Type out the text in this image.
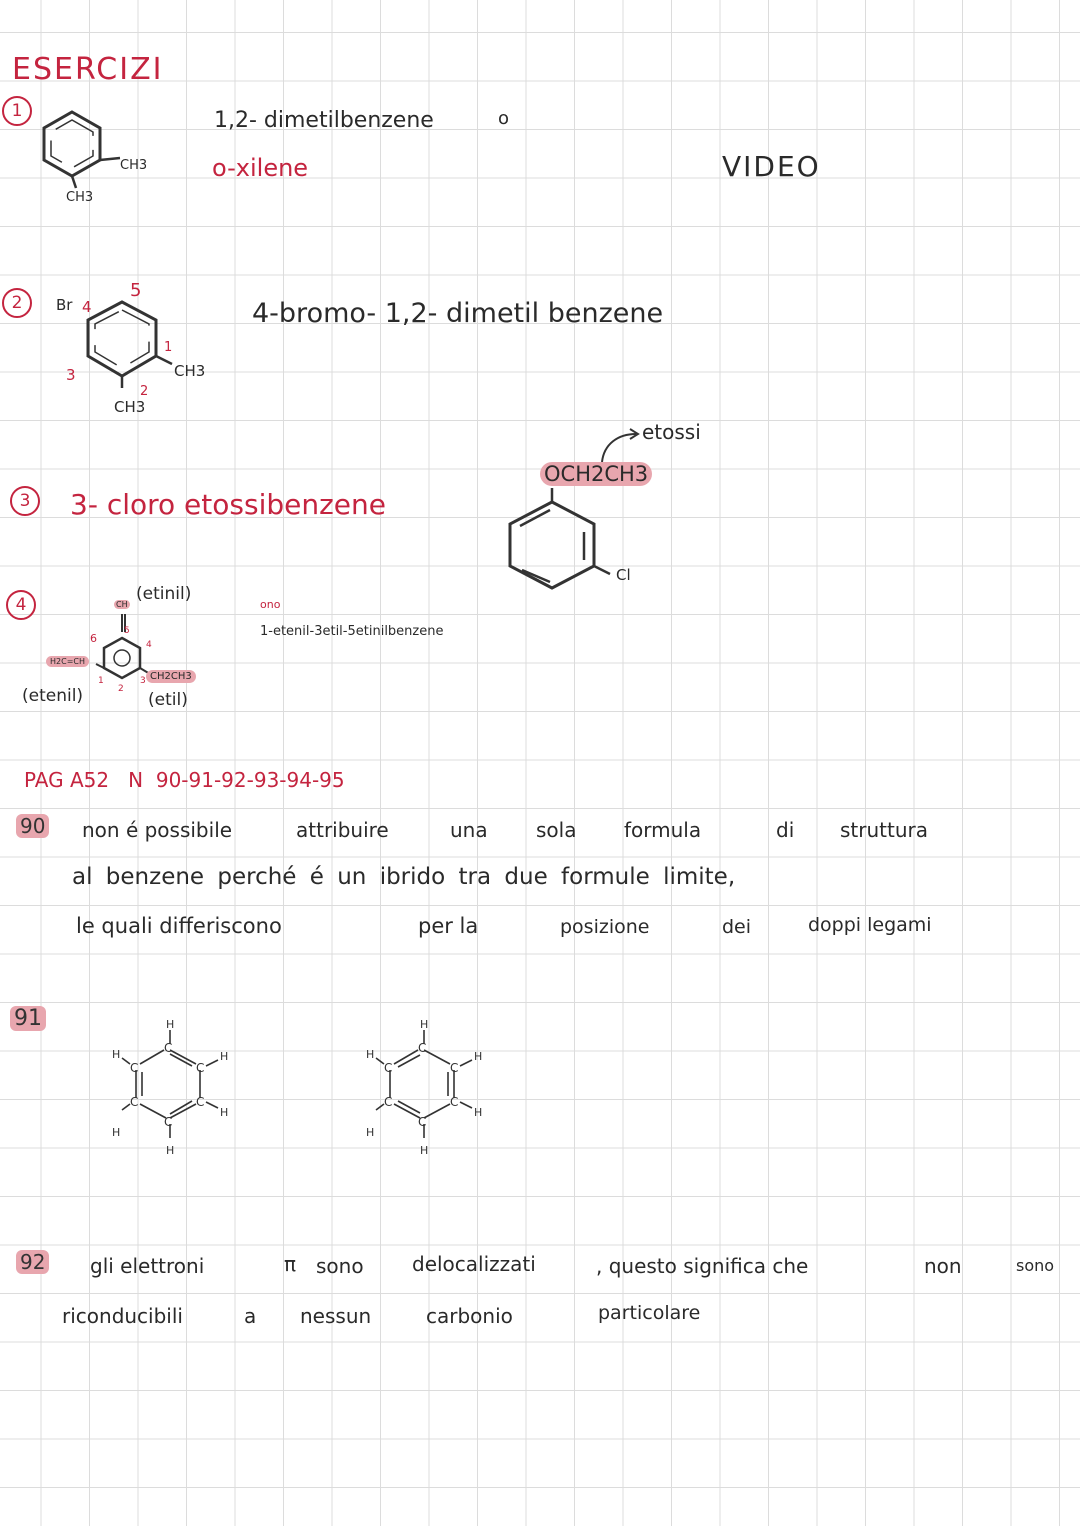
ESERCIZI
VIDEO
1
CH3
CH3
1,2- dimetilbenzene	o
o-xilene
2	Br 4
5
3
1
2
CH3
CH3
4-bromo- 1,2- dimetil benzene
3	3- cloro etossibenzene
etossi
OCH2CH3
Cl
4
(etinil)
CH
6
5
4
3
2
1
H2C=CH
CH2CH3
(etenil)	(etil)
ono
1-etenil-3etil-5etinilbenzene
PAG A52   N  90-91-92-93-94-95
90 non é possibile	attribuire	una sola formula	di struttura
al benzene perché é un ibrido tra due formule limite,
le quali differiscono	per la	posizione	dei	doppi legami
91	H
C
C
C
C
C
C
H
H
H
H
H
H
C
C
C
C
C
C
H
H
H
H
H
92 gli elettroni	π sono delocalizzati	, questo significa che	non	sono
riconducibili	a nessun	carbonio	particolare
